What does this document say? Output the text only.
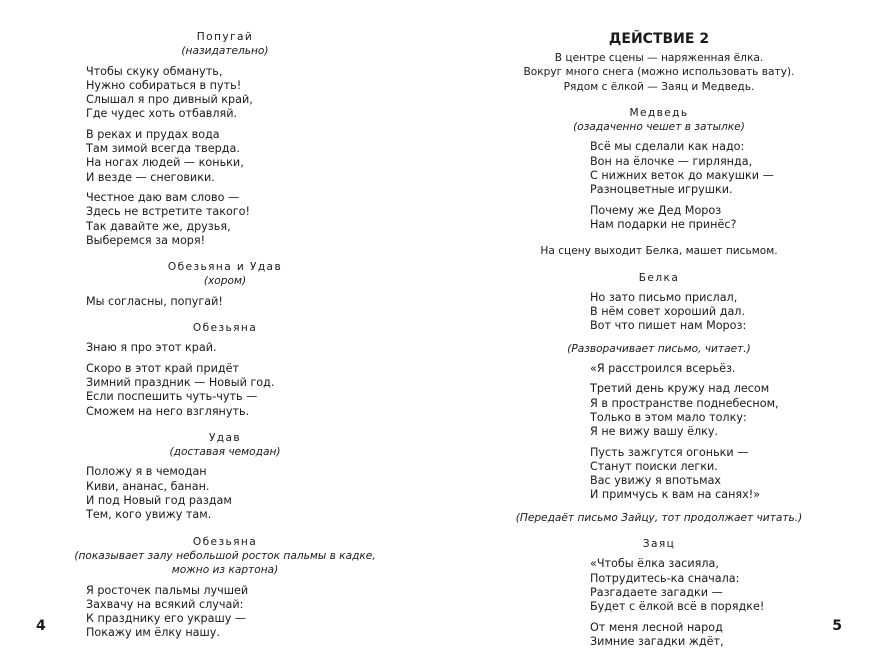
Попугай

(назидательно)

Чтобы скуку обмануть,

Нужно собираться в путь!

Слышал я про дивный край,

Где чудес хоть отбавляй.

В реках и прудах вода

Там зимой всегда тверда.

На ногах людей — коньки,

И везде — снеговики.

Честное даю вам слово —

Здесь не встретите такого!

Так давайте же, друзья,

Выберемся за моря!

Обезьяна и Удав

(хором)

Мы согласны, попугай!

Обезьяна

Знаю я про этот край.

Скоро в этот край придёт

Зимний праздник — Новый год.

Если поспешить чуть-чуть —

Сможем на него взглянуть.

Удав

(доставая чемодан)

Положу я в чемодан

Киви, ананас, банан.

И под Новый год раздам

Тем, кого увижу там.

Обезьяна

(показывает залу небольшой росток пальмы в кадке,

можно из картона)

Я росточек пальмы лучшей

Захвачу на всякий случай:

К празднику его украшу —

Покажу им ёлку нашу.

4

ДЕЙСТВИЕ 2

В центре сцены — наряженная ёлка.

Вокруг много снега (можно использовать вату).

Рядом с ёлкой — Заяц и Медведь.

Медведь

(озадаченно чешет в затылке)

Всё мы сделали как надо:

Вон на ёлочке — гирлянда,

С нижних веток до макушки —

Разноцветные игрушки.

Почему же Дед Мороз

Нам подарки не принёс?

На сцену выходит Белка, машет письмом.

Белка

Но зато письмо прислал,

В нём совет хороший дал.

Вот что пишет нам Мороз:

(Разворачивает письмо, читает.)

«Я расстроился всерьёз.

Третий день кружу над лесом

Я в пространстве поднебесном,

Только в этом мало толку:

Я не вижу вашу ёлку.

Пусть зажгутся огоньки —

Станут поиски легки.

Вас увижу я впотьмах

И примчусь к вам на санях!»

(Передаёт письмо Зайцу, тот продолжает читать.)

Заяц

«Чтобы ёлка засияла,

Потрудитесь-ка сначала:

Разгадаете загадки —

Будет с ёлкой всё в порядке!

От меня лесной народ

Зимние загадки ждёт,

5
